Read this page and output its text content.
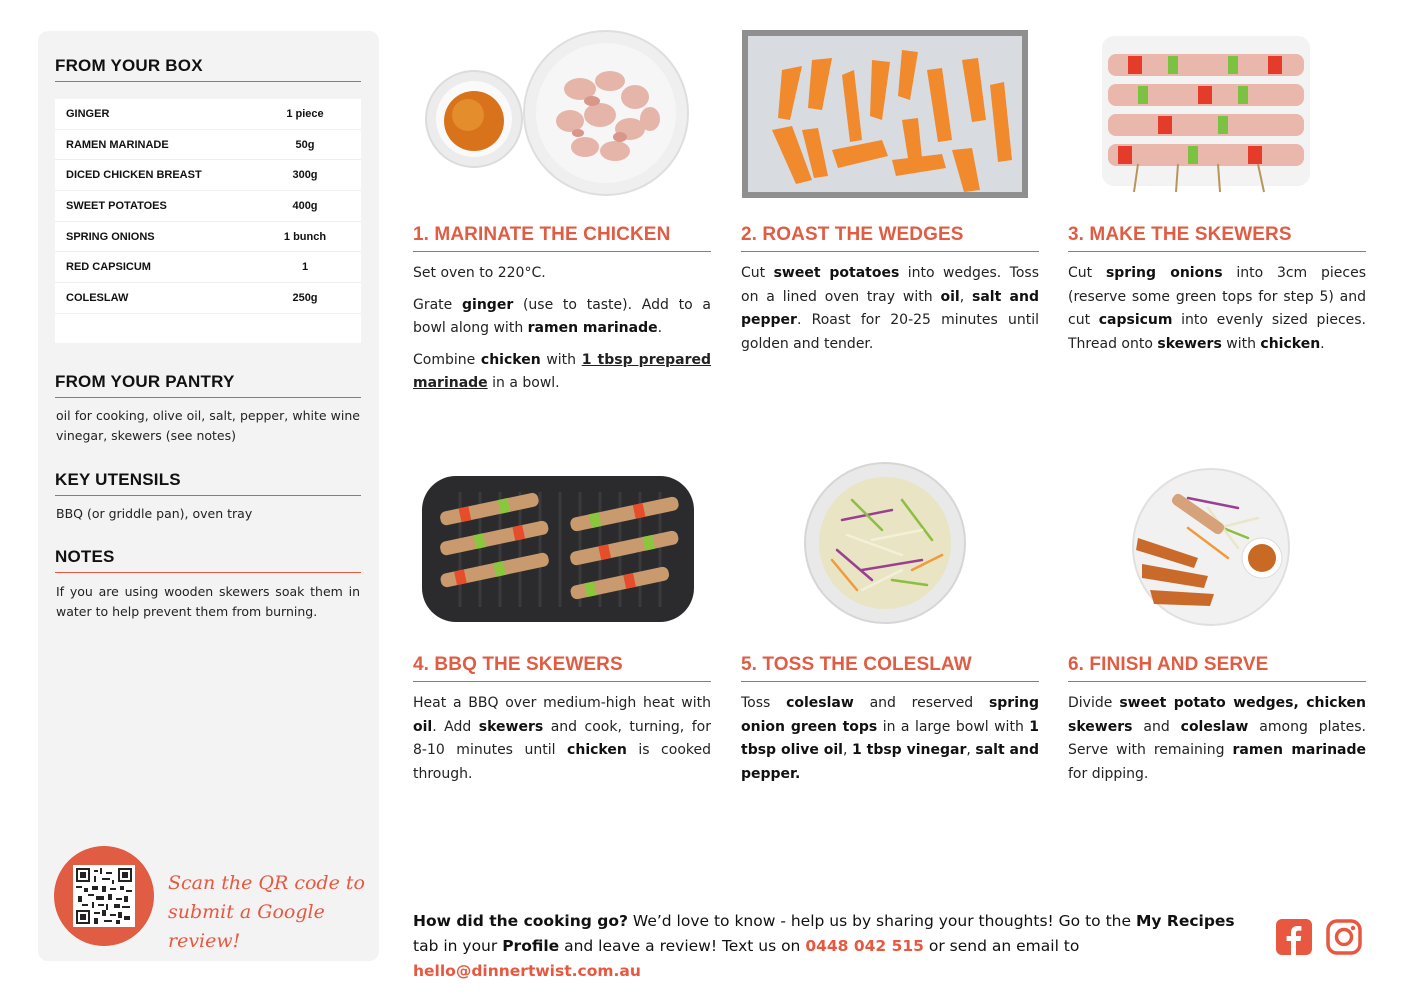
FROM YOUR BOX
GINGER	1 piece
RAMEN MARINADE	50g
DICED CHICKEN BREAST	300g
SWEET POTATOES	400g
SPRING ONIONS	1 bunch
RED CAPSICUM	1
COLESLAW	250g
FROM YOUR PANTRY
oil for cooking, olive oil, salt, pepper, white wine vinegar, skewers (see notes)
KEY UTENSILS
BBQ (or griddle pan), oven tray
NOTES
If you are using wooden skewers soak them in water to help prevent them from burning.
Scan the QR code to
submit a Google review!
1. MARINATE THE CHICKEN

Set oven to 220°C.

Grate ginger (use to taste). Add to a bowl along with ramen marinade.

Combine chicken with 1 tbsp prepared marinade in a bowl.

2. ROAST THE WEDGES

Cut sweet potatoes into wedges. Toss on a lined oven tray with oil, salt and pepper. Roast for 20-25 minutes until golden and tender.

3. MAKE THE SKEWERS

Cut spring onions into 3cm pieces (reserve some green tops for step 5) and cut capsicum into evenly sized pieces. Thread onto skewers with chicken.

4. BBQ THE SKEWERS

Heat a BBQ over medium-high heat with oil. Add skewers and cook, turning, for 8-10 minutes until chicken is cooked through.

5. TOSS THE COLESLAW

Toss coleslaw and reserved spring onion green tops in a large bowl with 1 tbsp olive oil, 1 tbsp vinegar, salt and pepper.

6. FINISH AND SERVE

Divide sweet potato wedges, chicken skewers and coleslaw among plates. Serve with remaining ramen marinade for dipping.

How did the cooking go? We’d love to know - help us by sharing your thoughts! Go to the My Recipes tab in your Profile and leave a review! Text us on 0448 042 515 or send an email to hello@dinnertwist.com.au
